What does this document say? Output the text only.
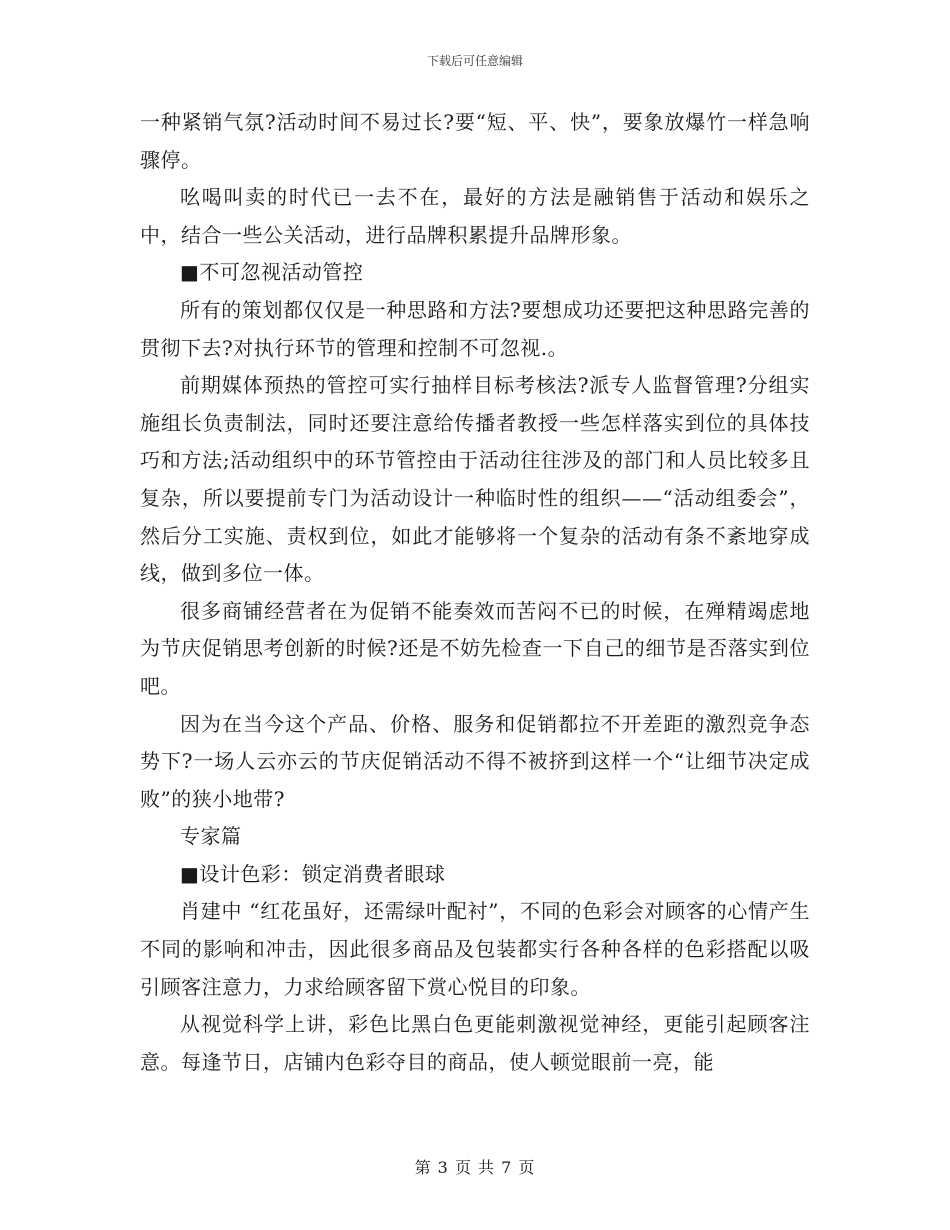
下载后可任意编辑

一种紧销气氛?活动时间不易过长?要“短、平、快”，要象放爆竹一样急响骤停。

吆喝叫卖的时代已一去不在，最好的方法是融销售于活动和娱乐之中，结合一些公关活动，进行品牌积累提升品牌形象。

■不可忽视活动管控

所有的策划都仅仅是一种思路和方法?要想成功还要把这种思路完善的贯彻下去?对执行环节的管理和控制不可忽视.。

前期媒体预热的管控可实行抽样目标考核法?派专人监督管理?分组实施组长负责制法，同时还要注意给传播者教授一些怎样落实到位的具体技巧和方法;活动组织中的环节管控由于活动往往涉及的部门和人员比较多且复杂，所以要提前专门为活动设计一种临时性的组织——“活动组委会”，然后分工实施、责权到位，如此才能够将一个复杂的活动有条不紊地穿成线，做到多位一体。

很多商铺经营者在为促销不能奏效而苦闷不已的时候，在殚精竭虑地为节庆促销思考创新的时候?还是不妨先检查一下自己的细节是否落实到位吧。

因为在当今这个产品、价格、服务和促销都拉不开差距的激烈竞争态势下?一场人云亦云的节庆促销活动不得不被挤到这样一个“让细节决定成败”的狭小地带?

专家篇

■设计色彩：锁定消费者眼球

肖建中 “红花虽好，还需绿叶配衬”，不同的色彩会对顾客的心情产生不同的影响和冲击，因此很多商品及包装都实行各种各样的色彩搭配以吸引顾客注意力，力求给顾客留下赏心悦目的印象。

从视觉科学上讲，彩色比黑白色更能刺激视觉神经，更能引起顾客注意。每逢节日，店铺内色彩夺目的商品，使人顿觉眼前一亮，能

第 3 页 共 7 页
